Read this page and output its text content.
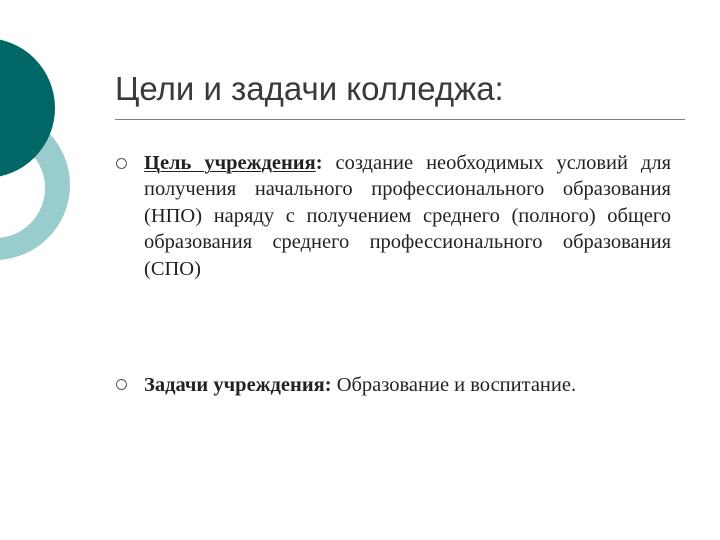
Цели и задачи колледжа:
Цель учреждения: создание необходимых условий для получения начального профессионального образования (НПО) наряду с получением среднего (полного) общего образования среднего профессионального образования (СПО)
Задачи учреждения: Образование и воспитание.
